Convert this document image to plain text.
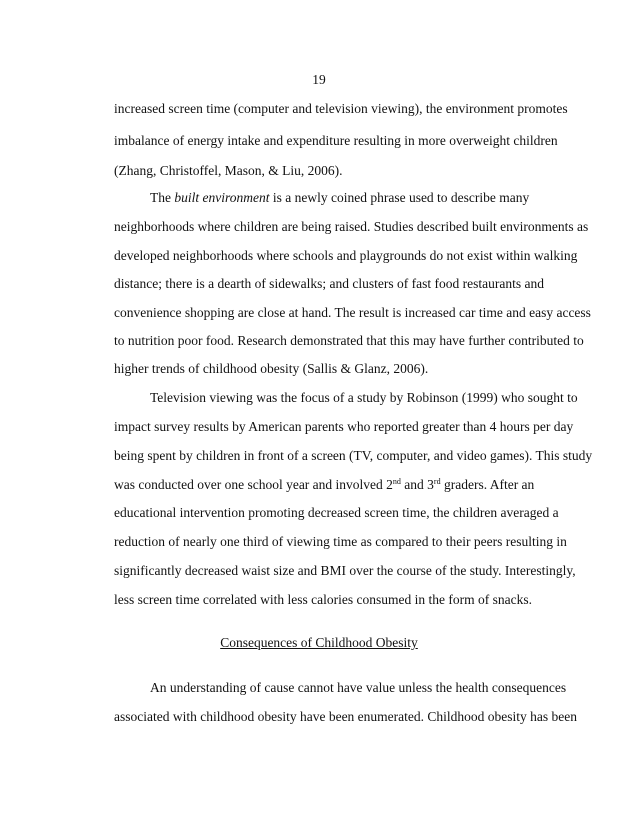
19
increased screen time (computer and television viewing), the environment promotes
imbalance of energy intake and expenditure resulting in more overweight children
(Zhang, Christoffel, Mason, & Liu, 2006).
The built environment is a newly coined phrase used to describe many
neighborhoods where children are being raised. Studies described built environments as
developed neighborhoods where schools and playgrounds do not exist within walking
distance; there is a dearth of sidewalks; and clusters of fast food restaurants and
convenience shopping are close at hand. The result is increased car time and easy access
to nutrition poor food. Research demonstrated that this may have further contributed to
higher trends of childhood obesity (Sallis & Glanz, 2006).
Television viewing was the focus of a study by Robinson (1999) who sought to
impact survey results by American parents who reported greater than 4 hours per day
being spent by children in front of a screen (TV, computer, and video games). This study
was conducted over one school year and involved 2nd and 3rd graders. After an
educational intervention promoting decreased screen time, the children averaged a
reduction of nearly one third of viewing time as compared to their peers resulting in
significantly decreased waist size and BMI over the course of the study. Interestingly,
less screen time correlated with less calories consumed in the form of snacks.
Consequences of Childhood Obesity
An understanding of cause cannot have value unless the health consequences
associated with childhood obesity have been enumerated. Childhood obesity has been
